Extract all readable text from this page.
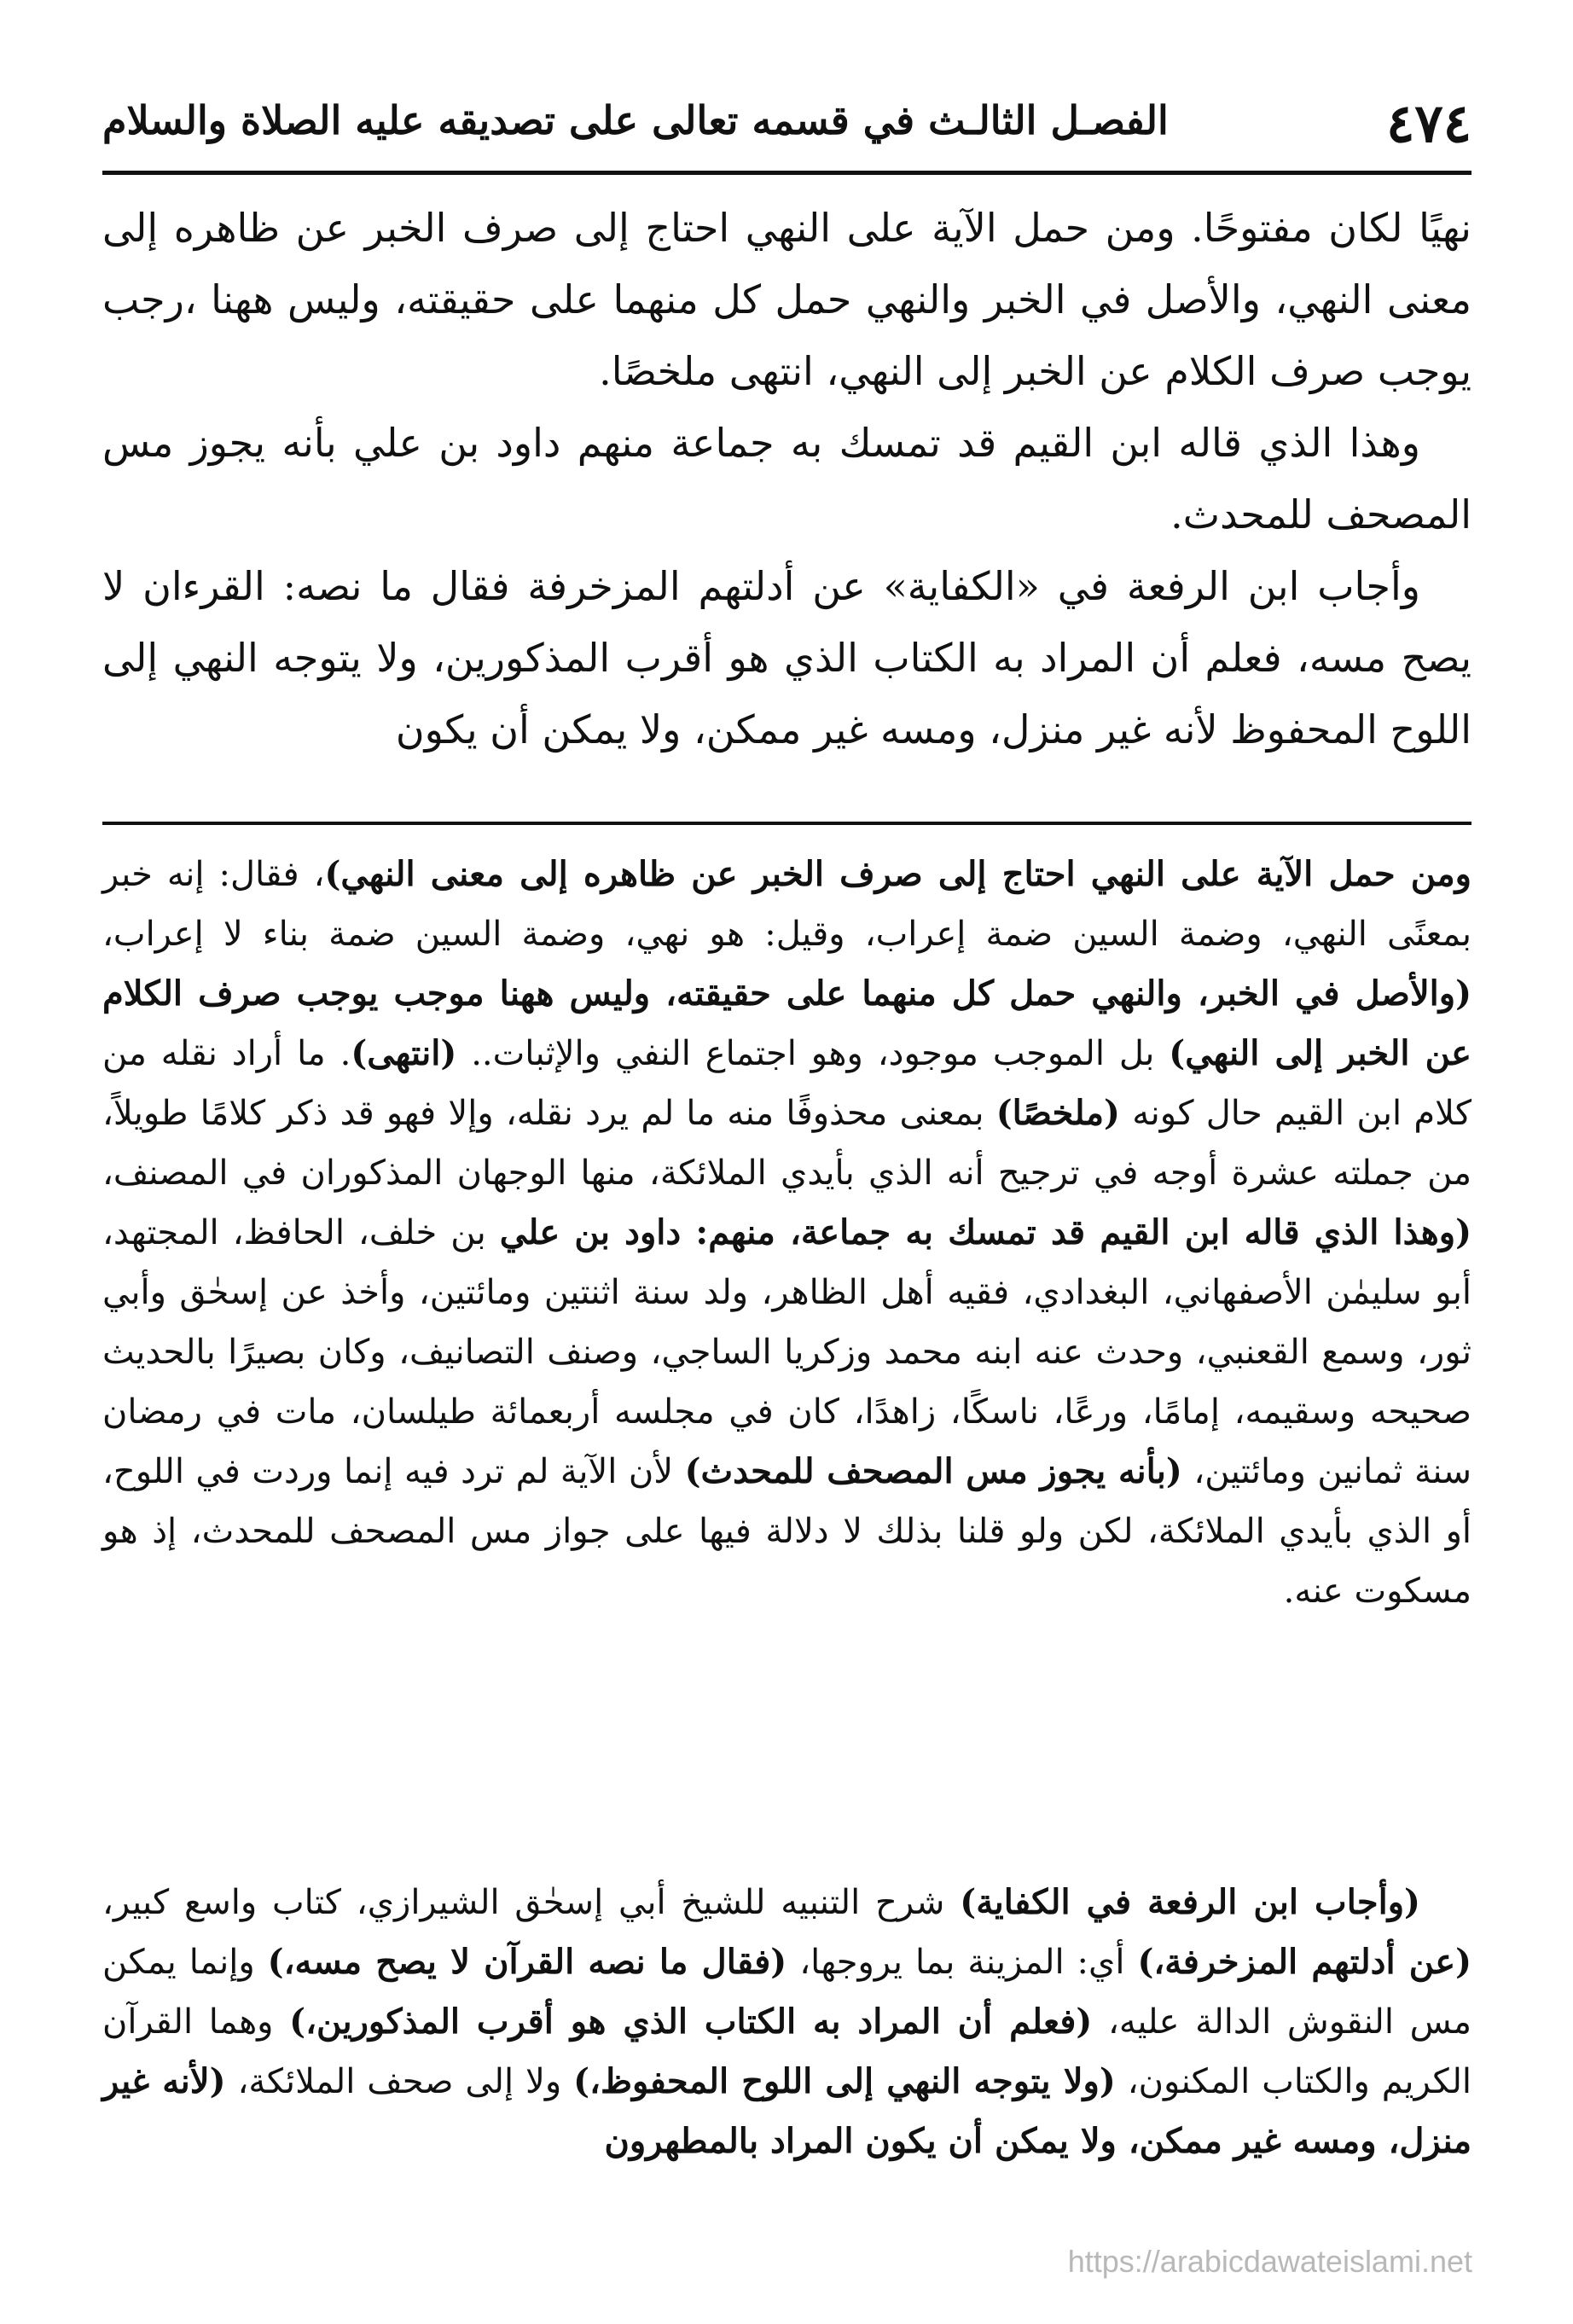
٤٧٤
الفصـل الثالـث في قسمه تعالى على تصديقه عليه الصلاة والسلام

نهيًا لكان مفتوحًا. ومن حمل الآية على النهي احتاج إلى صرف الخبر عن ظاهره إلى معنى النهي، والأصل في الخبر والنهي حمل كل منهما على حقيقته، وليس ههنا ،رجب يوجب صرف الكلام عن الخبر إلى النهي، انتهى ملخصًا.

وهذا الذي قاله ابن القيم قد تمسك به جماعة منهم داود بن علي بأنه يجوز مس المصحف للمحدث.

وأجاب ابن الرفعة في «الكفاية» عن أدلتهم المزخرفة فقال ما نصه: القرءان لا يصح مسه، فعلم أن المراد به الكتاب الذي هو أقرب المذكورين، ولا يتوجه النهي إلى اللوح المحفوظ لأنه غير منزل، ومسه غير ممكن، ولا يمكن أن يكون

ومن حمل الآية على النهي احتاج إلى صرف الخبر عن ظاهره إلى معنى النهي)، فقال: إنه خبر بمعنًى النهي، وضمة السين ضمة إعراب، وقيل: هو نهي، وضمة السين ضمة بناء لا إعراب، (والأصل في الخبر، والنهي حمل كل منهما على حقيقته، وليس ههنا موجب يوجب صرف الكلام عن الخبر إلى النهي) بل الموجب موجود، وهو اجتماع النفي والإثبات.. (انتهى). ما أراد نقله من كلام ابن القيم حال كونه (ملخصًا) بمعنى محذوفًا منه ما لم يرد نقله، وإلا فهو قد ذكر كلامًا طويلاً، من جملته عشرة أوجه في ترجيح أنه الذي بأيدي الملائكة، منها الوجهان المذكوران في المصنف، (وهذا الذي قاله ابن القيم قد تمسك به جماعة، منهم: داود بن علي بن خلف، الحافظ، المجتهد، أبو سليمٰن الأصفهاني، البغدادي، فقيه أهل الظاهر، ولد سنة اثنتين ومائتين، وأخذ عن إسحٰق وأبي ثور، وسمع القعنبي، وحدث عنه ابنه محمد وزكريا الساجي، وصنف التصانيف، وكان بصيرًا بالحديث صحيحه وسقيمه، إمامًا، ورعًا، ناسكًا، زاهدًا، كان في مجلسه أربعمائة طيلسان، مات في رمضان سنة ثمانين ومائتين، (بأنه يجوز مس المصحف للمحدث) لأن الآية لم ترد فيه إنما وردت في اللوح، أو الذي بأيدي الملائكة، لكن ولو قلنا بذلك لا دلالة فيها على جواز مس المصحف للمحدث، إذ هو مسكوت عنه.

(وأجاب ابن الرفعة في الكفاية) شرح التنبيه للشيخ أبي إسحٰق الشيرازي، كتاب واسع كبير، (عن أدلتهم المزخرفة،) أي: المزينة بما يروجها، (فقال ما نصه القرآن لا يصح مسه،) وإنما يمكن مس النقوش الدالة عليه، (فعلم أن المراد به الكتاب الذي هو أقرب المذكورين،) وهما القرآن الكريم والكتاب المكنون، (ولا يتوجه النهي إلى اللوح المحفوظ،) ولا إلى صحف الملائكة، (لأنه غير منزل، ومسه غير ممكن، ولا يمكن أن يكون المراد بالمطهرون

https://arabicdawateislami.net
